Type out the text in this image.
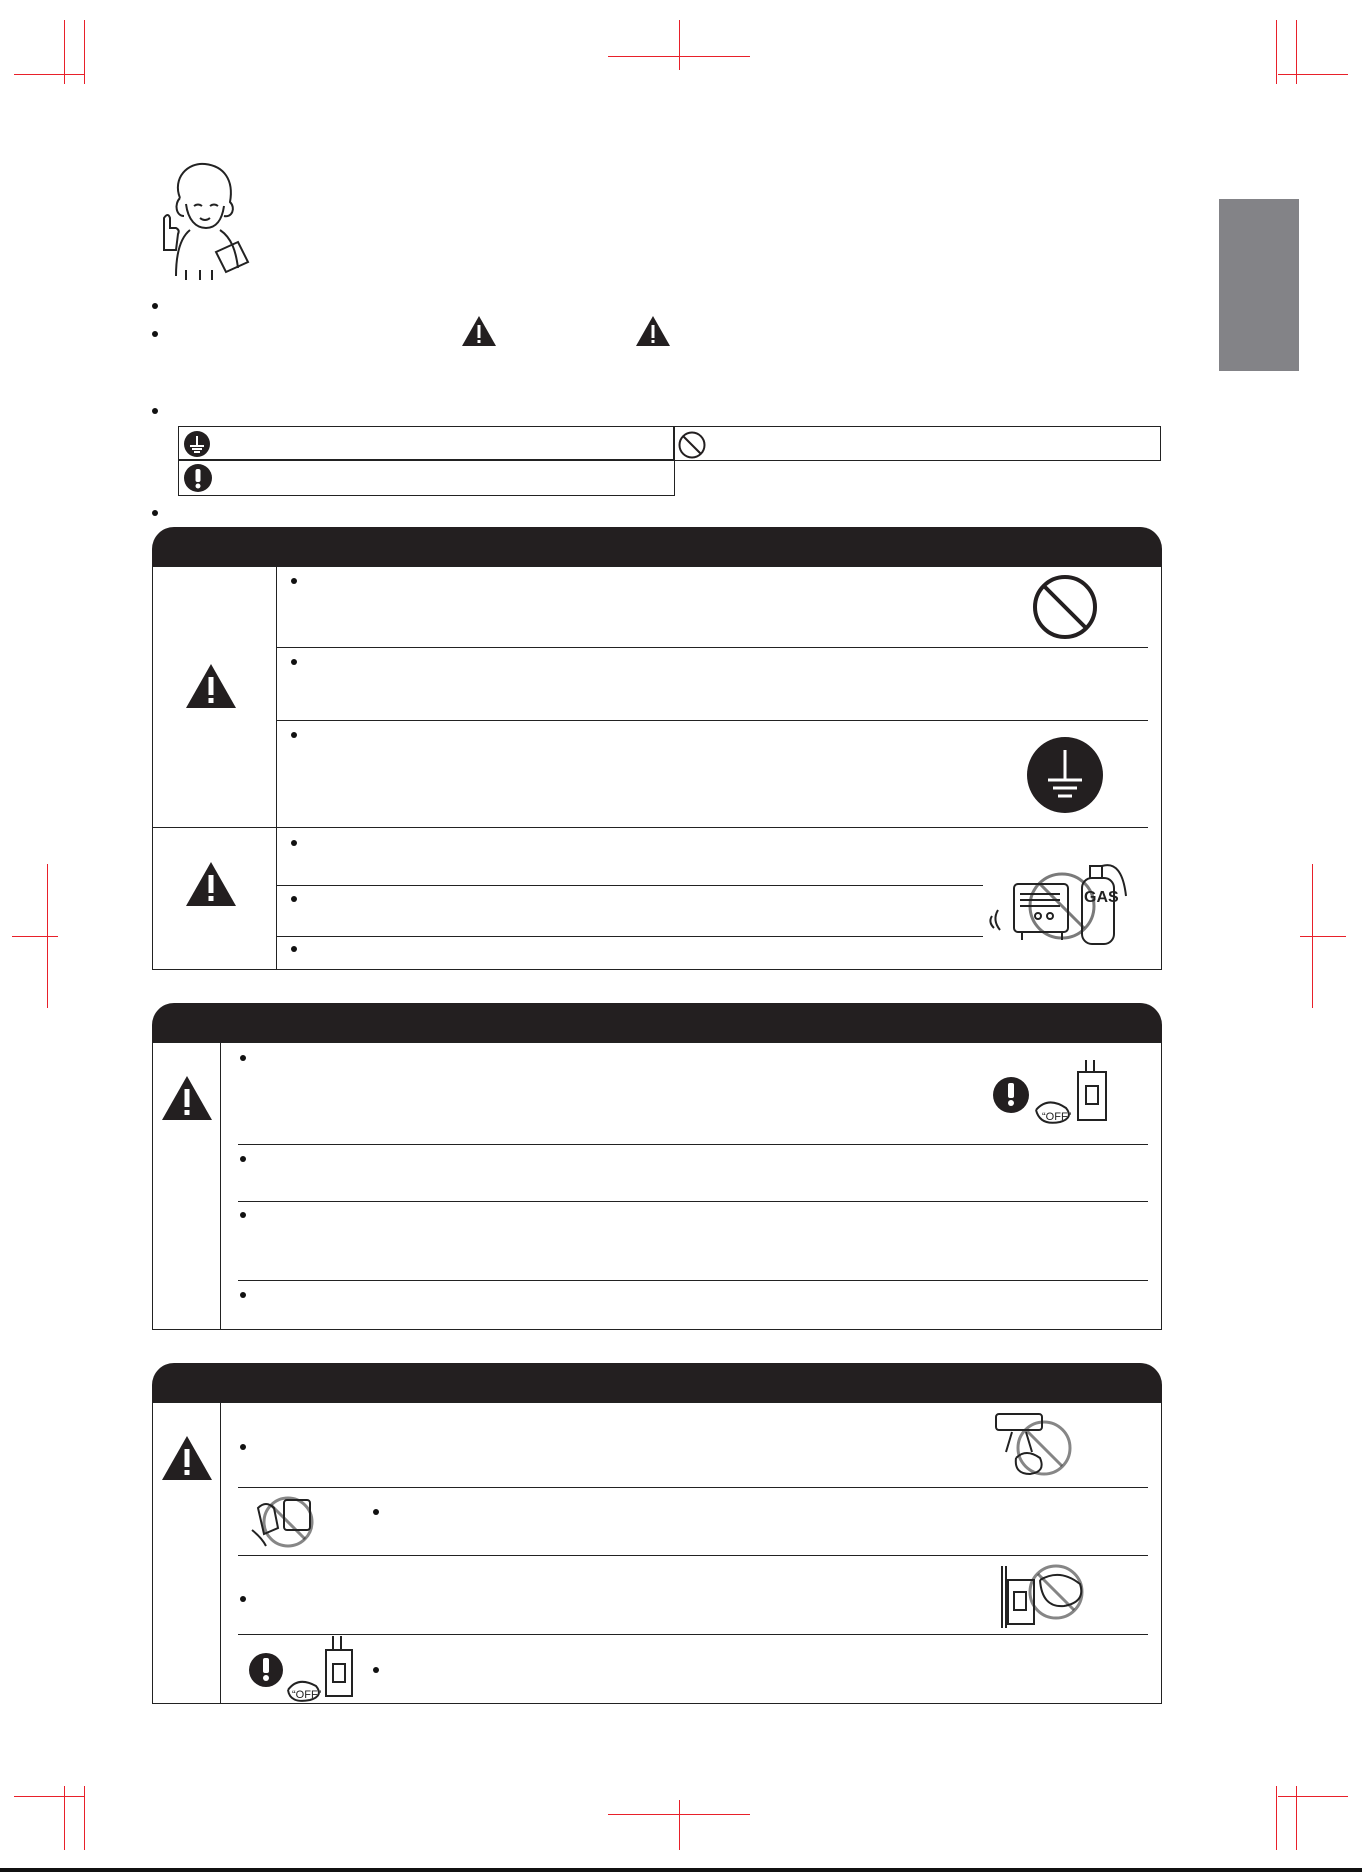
GAS
“OFF”
“OFF”
